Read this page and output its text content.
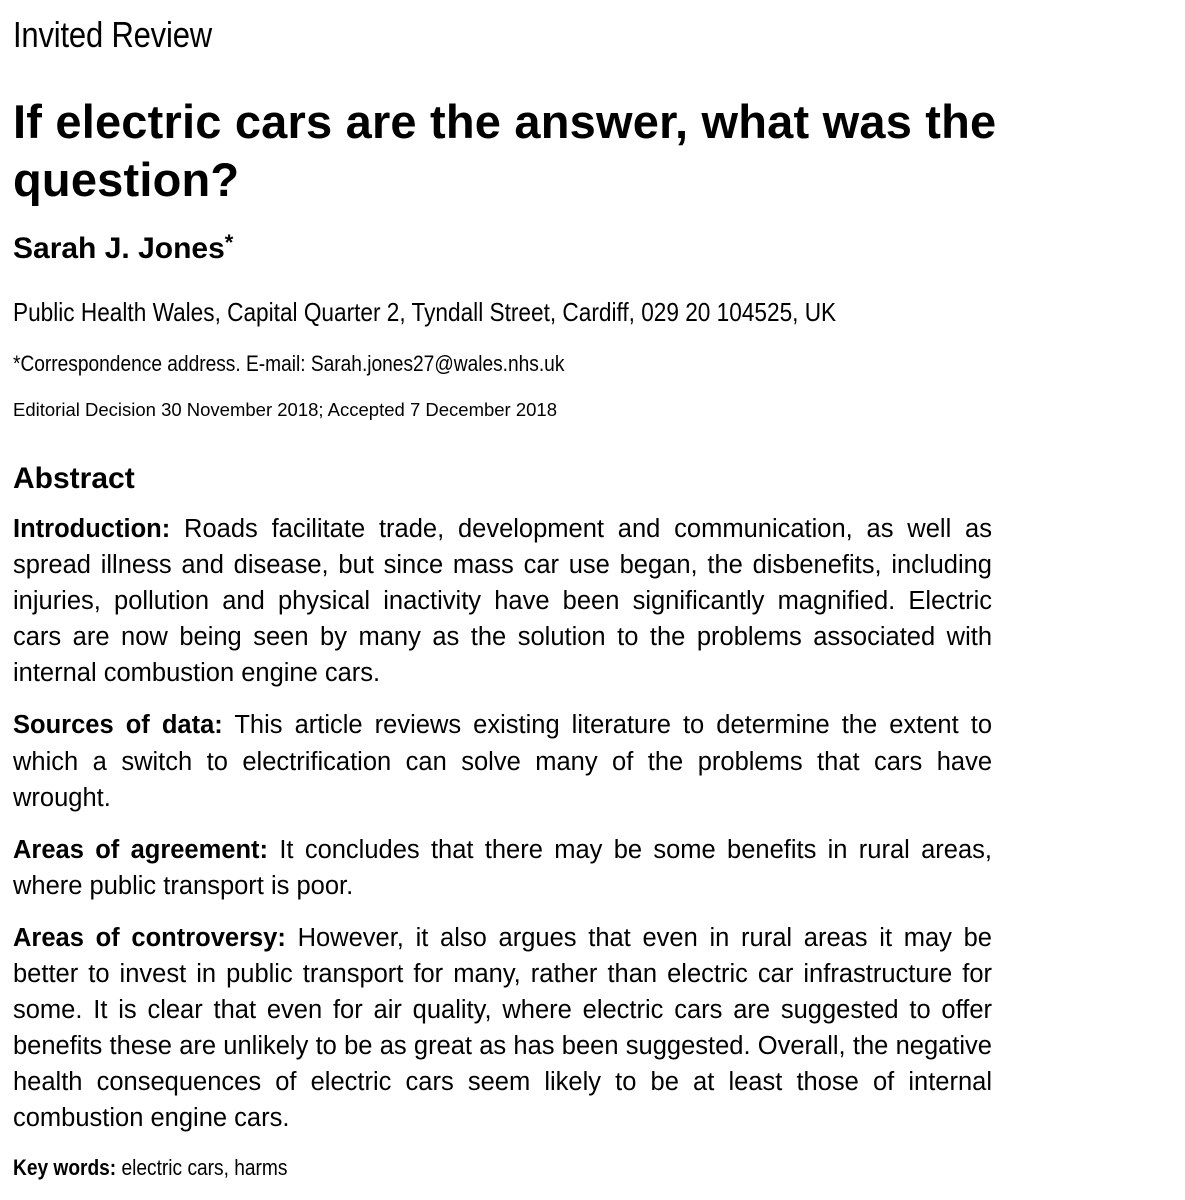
Invited Review
If electric cars are the answer, what was the question?
Sarah J. Jones*
Public Health Wales, Capital Quarter 2, Tyndall Street, Cardiff, 029 20 104525, UK
*Correspondence address. E-mail: Sarah.jones27@wales.nhs.uk
Editorial Decision 30 November 2018; Accepted 7 December 2018
Abstract

Introduction: Roads facilitate trade, development and communication, as well as spread illness and disease, but since mass car use began, the disbenefits, including injuries, pollution and physical inactivity have been significantly magnified. Electric cars are now being seen by many as the solution to the problems associated with internal combustion engine cars.

Sources of data: This article reviews existing literature to determine the extent to which a switch to electrification can solve many of the problems that cars have wrought.

Areas of agreement: It concludes that there may be some benefits in rural areas, where public transport is poor.

Areas of controversy: However, it also argues that even in rural areas it may be better to invest in public transport for many, rather than electric car infrastructure for some. It is clear that even for air quality, where electric cars are suggested to offer benefits these are unlikely to be as great as has been suggested. Overall, the negative health consequences of electric cars seem likely to be at least those of internal combustion engine cars.

Key words: electric cars, harms
